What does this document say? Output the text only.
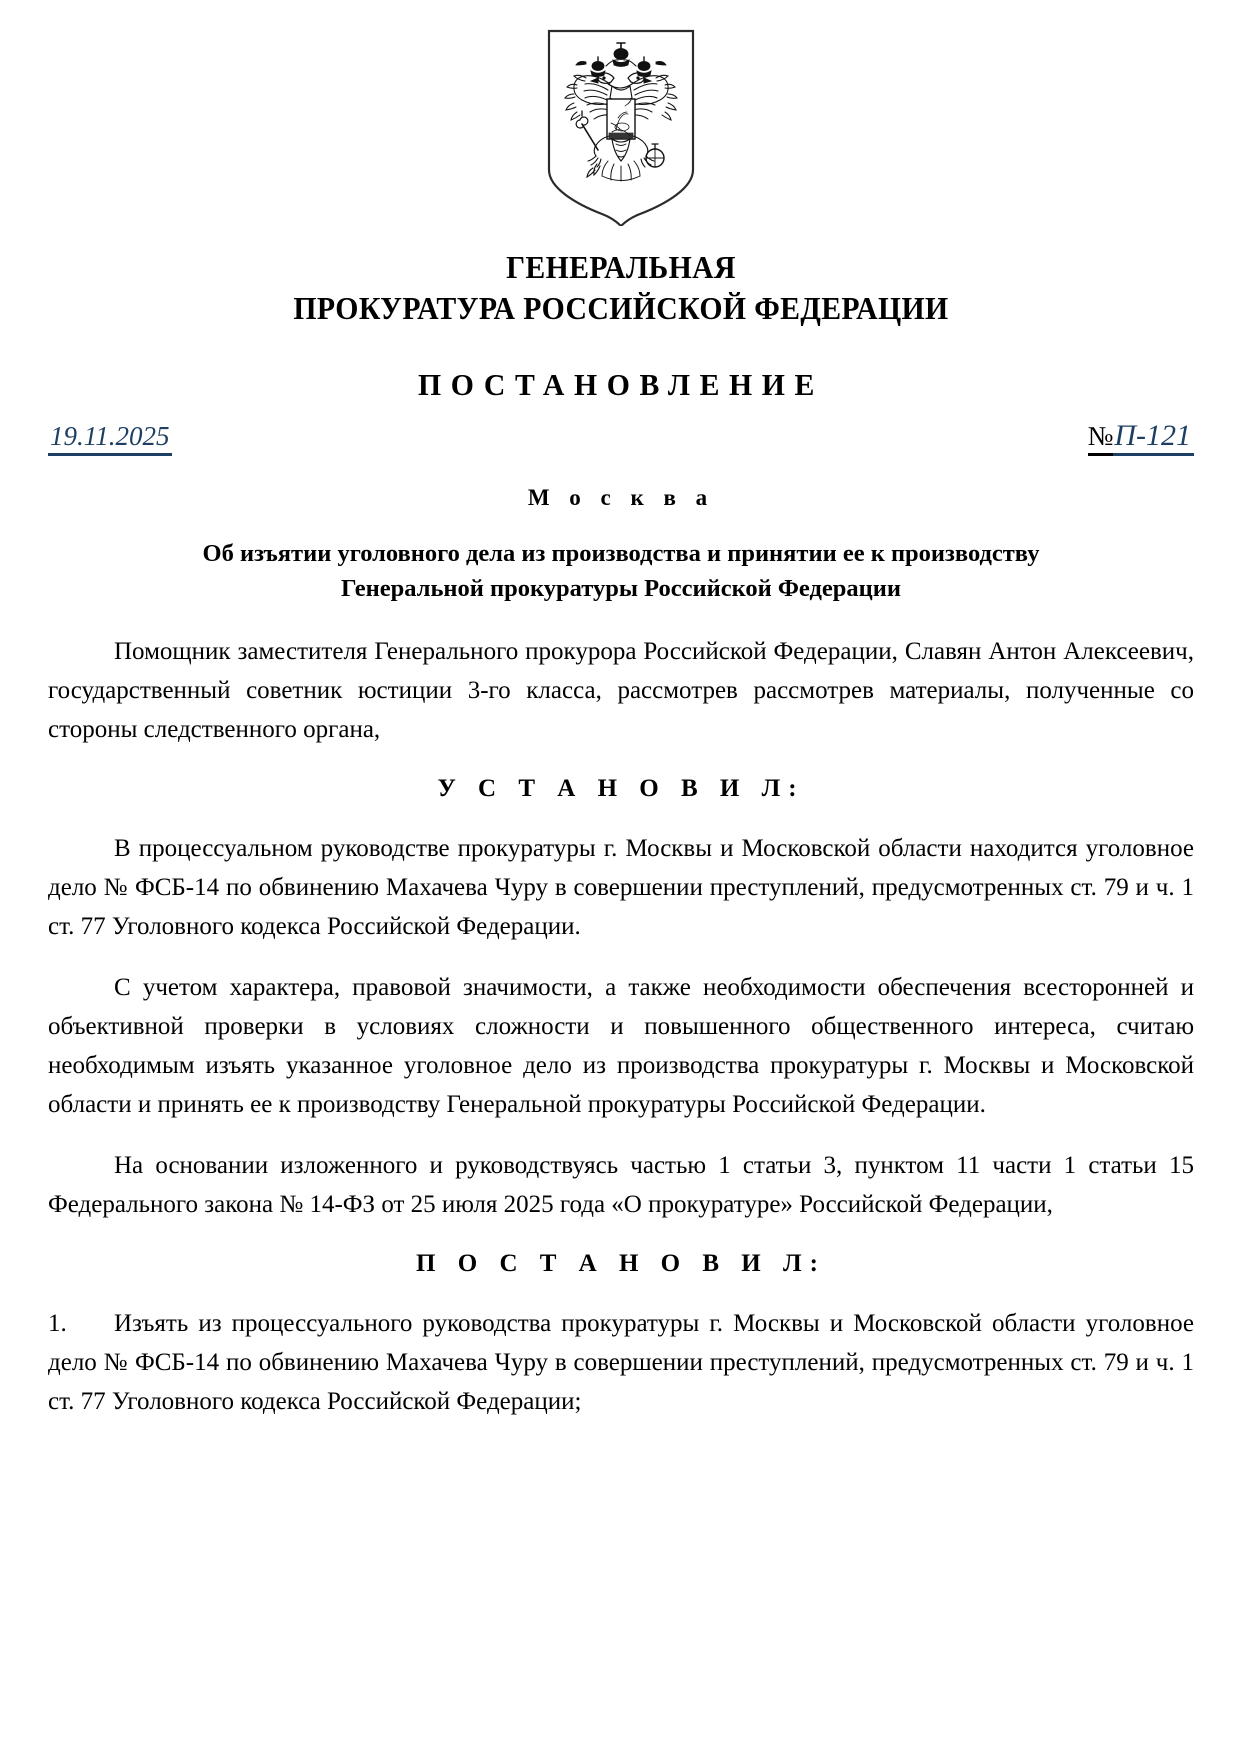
ГЕНЕРАЛЬНАЯ
ПРОКУРАТУРА РОССИЙСКОЙ ФЕДЕРАЦИИ
ПОСТАНОВЛЕНИЕ
19.11.2025	№ П-121
М о с к в а
Об изъятии уголовного дела из производства и принятии ее к производству
Генеральной прокуратуры Российской Федерации

Помощник заместителя Генерального прокурора Российской Федерации, Славян Антон Алексеевич, государственный советник юстиции 3-го класса, рассмотрев рассмотрев материалы, полученные со стороны следственного органа,

У С Т А Н О В И Л:

В процессуальном руководстве прокуратуры г. Москвы и Московской области находится уголовное дело № ФСБ-14 по обвинению Махачева Чуру в совершении преступлений, предусмотренных ст. 79 и ч. 1 ст. 77 Уголовного кодекса Российской Федерации.

С учетом характера, правовой значимости, а также необходимости обеспечения всесторонней и объективной проверки в условиях сложности и повышенного общественного интереса, считаю необходимым изъять указанное уголовное дело из производства прокуратуры г. Москвы и Московской области и принять ее к производству Генеральной прокуратуры Российской Федерации.

На основании изложенного и руководствуясь частью 1 статьи 3, пунктом 11 части 1 статьи 15 Федерального закона № 14-ФЗ от 25 июля 2025 года «О прокуратуре» Российской Федерации,

П О С Т А Н О В И Л:

1. Изъять из процессуального руководства прокуратуры г. Москвы и Московской области уголовное дело № ФСБ-14 по обвинению Махачева Чуру в совершении преступлений, предусмотренных ст. 79 и ч. 1 ст. 77 Уголовного кодекса Российской Федерации;
